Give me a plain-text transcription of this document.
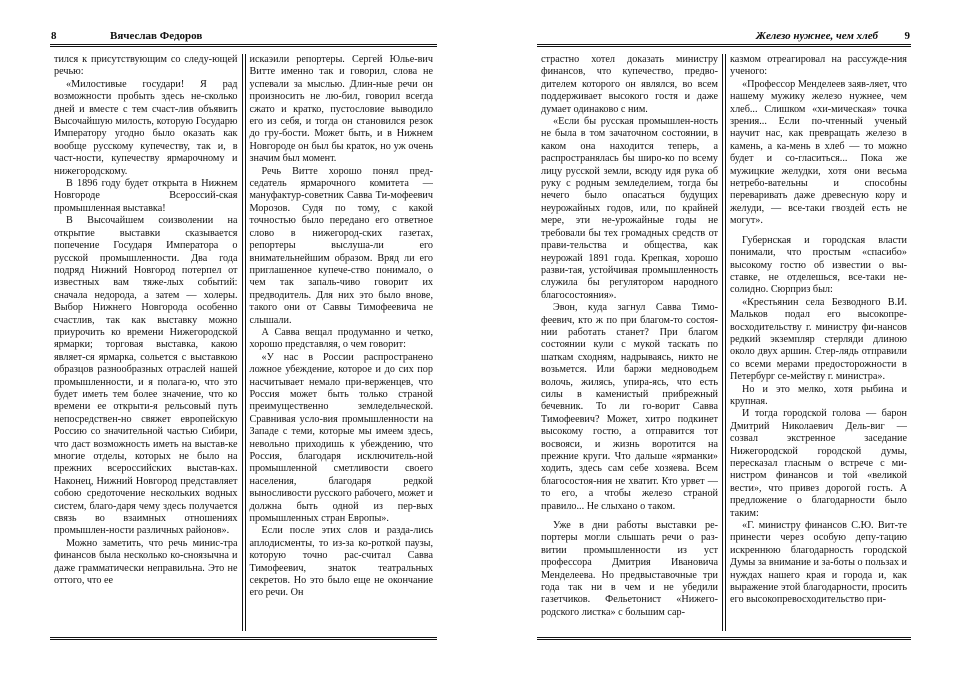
8	Вячеслав Федоров

тился к присутствующим со следу-ющей речью:

«Милостивые государи! Я рад возможности пробыть здесь не-сколько дней и вместе с тем счаст-лив объявить Высочайшую милость, которую Государю Императору угодно было оказать как вообще русскому купечеству, так и, в част-ности, купечеству ярмарочному и нижегородскому.

В 1896 году будет открыта в Нижнем Новгороде Всероссий-ская промышленная выставка!

В Высочайшем соизволении на открытие выставки сказывается попечение Государя Императора о русской промышленности. Два года подряд Нижний Новгород потерпел от известных вам тяже-лых событий: сначала недорода, а затем — холеры. Выбор Нижнего Новгорода особенно счастлив, так как выставку можно приурочить ко времени Нижегородской ярмарки; торговая выставка, какою являет-ся ярмарка, сольется с выставкою образцов разнообразных отраслей нашей промышленности, и я полага-ю, что это будет иметь тем более значение, что ко времени ее открыти-я рельсовый путь непосредствен-но свяжет европейскую Россию со значительной частью Сибири, что даст возможность иметь на выстав-ке многие отделы, которых не было на прежних всероссийских выстав-ках. Наконец, Нижний Новгород представляет собою средоточение нескольких водных систем, благо-даря чему здесь получается связь во взаимных отношениях промышлен-ности различных районов».

Можно заметить, что речь минис-тра финансов была несколько ко-сноязычна и даже грамматически неправильна. Это не оттого, что ее

искаэили репортеры. Сергей Юлье-вич Витте именно так и говорил, слова не успевали за мыслью. Длин-ные речи он произносить не лю-бил, говорил всегда сжато и кратко, пустословие выводило его из себя, и тогда он становился резок до гру-бости. Может быть, и в Нижнем Новгороде он был бы краток, но уж очень значим был момент.

Речь Витте хорошо понял пред-седатель ярмарочного комитета — мануфактур-советник Савва Ти-мофеевич Морозов. Судя по тому, с какой точностью было передано его ответное слово в нижегород-ских газетах, репортеры выслуша-ли его внимательнейшим образом. Вряд ли его приглашенное купече-ство понимало, о чем так запаль-чиво говорит их предводитель. Для них это было внове, такого они от Саввы Тимофеевича не слышали.

А Савва вещал продуманно и четко, хорошо представляя, о чем говорит:

«У нас в России распространено ложное убеждение, которое и до сих пор насчитывает немало при-верженцев, что Россия может быть только страной преимущественно земледельческой. Сравнивая усло-вия промышленности на Западе с теми, которые мы имеем здесь, невольно приходишь к убеждению, что Россия, благодаря исключитель-ной промышленной сметливости своего населения, благодаря редкой выносливости русского рабочего, может и должна быть одной из пер-вых промышленных стран Европы».

Если после этих слов и разда-лись аплодисменты, то из-за ко-роткой паузы, которую точно рас-считал Савва Тимофеевич, знаток театральных секретов. Но это было еще не окончание его речи. Он

Железо нужнее, чем хлеб 9

страстно хотел доказать министру финансов, что купечество, предво-дителем которого он являлся, во всем поддерживает высокого гостя и даже думает одинаково с ним.

«Если бы русская промышлен-ность не была в том зачаточном состоянии, в каком она находится теперь, а распространялась бы широ-ко по всему лицу русской земли, всюду идя рука об руку с родным земледелием, тогда бы нечего было опасаться будущих неурожайных годов, или, по крайней мере, эти не-урожайные годы не требовали бы тех громадных средств от прави-тельства и общества, как неурожай 1891 года. Крепкая, хорошо разви-тая, устойчивая промышленность служила бы регулятором народного благосостояния».

Эвон, куда загнул Савва Тимо-феевич, кто ж по при благом-то состоя-нии работать станет? При благом состоянии кули с мукой таскать по шаткам сходням, надрываясь, никто не возьмется. Или баржи медноводьем волочь, жилясь, упира-ясь, что есть силы в каменистый прибрежный бечевник. То ли го-ворит Савва Тимофеевич? Может, хитро подкинет высокому гостю, а отправится тот восвояси, и жизнь воротится на прежние круги. Что дальше «ярманки» ходить, здесь сам себе хозяева. Всем благосостоя-ния не хватит. Кто урвет — то его, а чтобы железо страной правило... Не слыхано о таком.

Уже в дни работы выставки ре-портеры могли слышать речи о раз-витии промышленности из уст профессора Дмитрия Ивановича Менделеева. Но предвыставочные три года так ни в чем и не убедили газетчиков. Фельетонист «Нижего-родского листка» с большим сар-

казмом отреагировал на рассужде-ния ученого:

«Профессор Менделеев заяв-ляет, что нашему мужику железо нужнее, чем хлеб... Слишком «хи-мическая» точка зрения... Если по-чтенный ученый научит нас, как превращать железо в камень, а ка-мень в хлеб — то можно будет и со-гласиться... Пока же мужицкие желудки, хотя они весьма нетребо-вательны и способны переваривать даже древесную кору и желуди, — все-таки гвоздей есть не могут».

Губернская и городская власти понимали, что простым «спасибо» высокому гостю об известии о вы-ставке, не отделешься, все-таки не-солидно. Сюрприз был:

«Крестьянин села Безводного В.И. Мальков подал его высокопре-восходительству г. министру фи-нансов редкий экземпляр стерляди длиною около двух аршин. Стер-лядь отправили со всеми мерами предосторожности в Петербург се-мейству г. министра».

Но и это мелко, хотя рыбина и крупная.

И тогда городской голова — барон Дмитрий Николаевич Дель-виг — созвал экстренное заседание Нижегородской городской думы, пересказал гласным о встрече с ми-нистром финансов и той «великой вести», что привез дорогой гость. А предложение о благодарности было таким:

«Г. министру финансов С.Ю. Вит-те принести через особую депу-тацию искреннюю благодарность городской Думы за внимание и за-боты о пользах и нуждах нашего края и города и, как выражение этой благодарности, просить его высокопревосходительство при-
